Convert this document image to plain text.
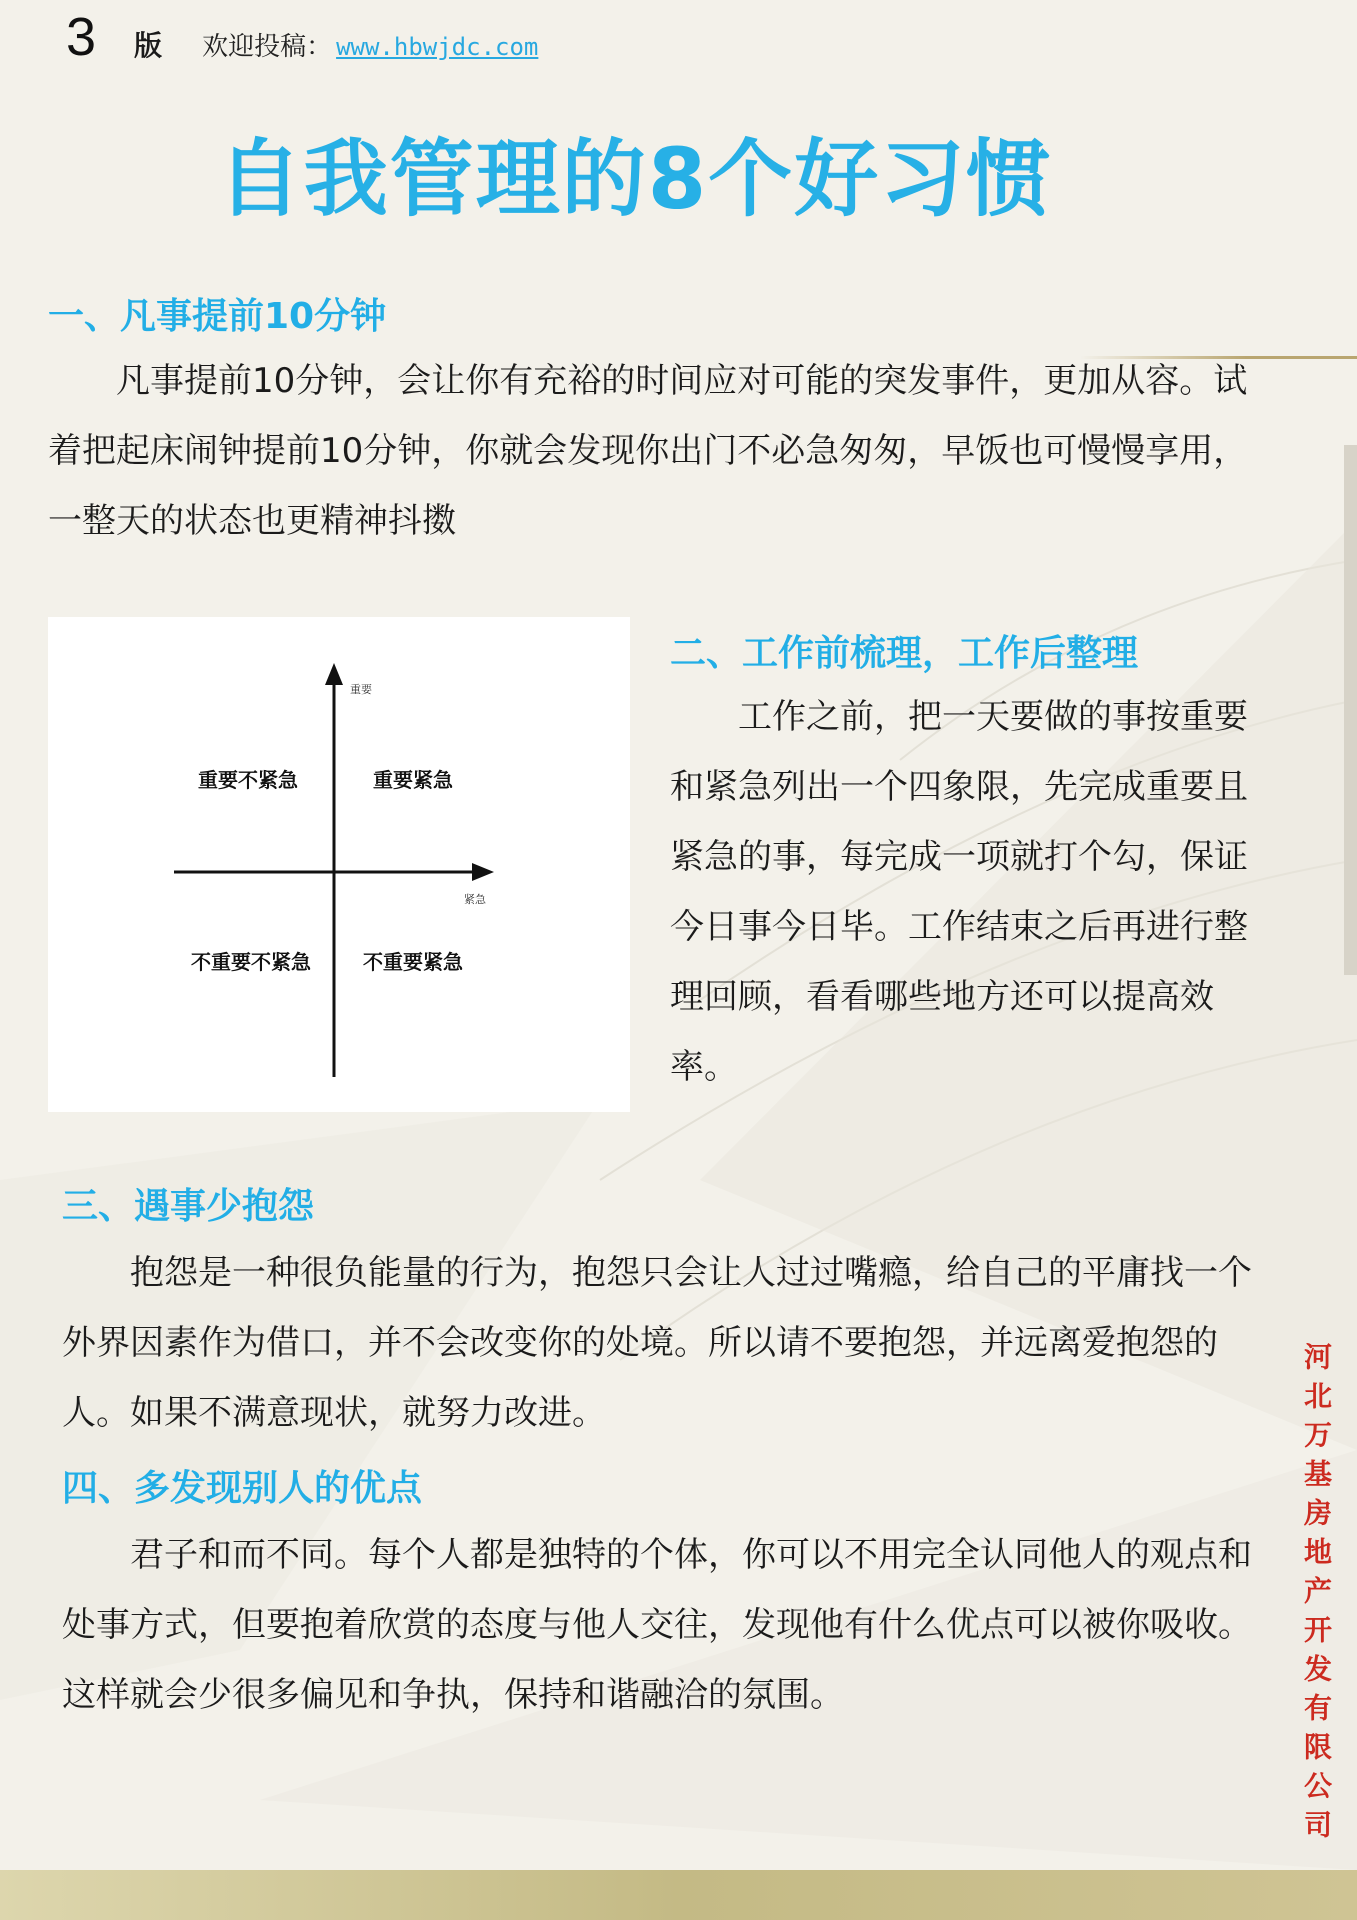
3 版 欢迎投稿： www.hbwjdc.com
自我管理的8个好习惯
一、凡事提前10分钟

凡事提前10分钟，会让你有充裕的时间应对可能的突发事件，更加从容。试着把起床闹钟提前10分钟，你就会发现你出门不必急匆匆，早饭也可慢慢享用，一整天的状态也更精神抖擞

重要
紧急
重要不紧急	重要紧急
不重要不紧急	不重要紧急
二、工作前梳理，工作后整理

工作之前，把一天要做的事按重要和紧急列出一个四象限，先完成重要且紧急的事，每完成一项就打个勾，保证今日事今日毕。工作结束之后再进行整理回顾，看看哪些地方还可以提高效率。

三、遇事少抱怨

抱怨是一种很负能量的行为，抱怨只会让人过过嘴瘾，给自己的平庸找一个外界因素作为借口，并不会改变你的处境。所以请不要抱怨，并远离爱抱怨的人。如果不满意现状，就努力改进。

四、多发现别人的优点

君子和而不同。每个人都是独特的个体，你可以不用完全认同他人的观点和处事方式，但要抱着欣赏的态度与他人交往，发现他有什么优点可以被你吸收。这样就会少很多偏见和争执，保持和谐融洽的氛围。	河北万基房地产开发有限公司
